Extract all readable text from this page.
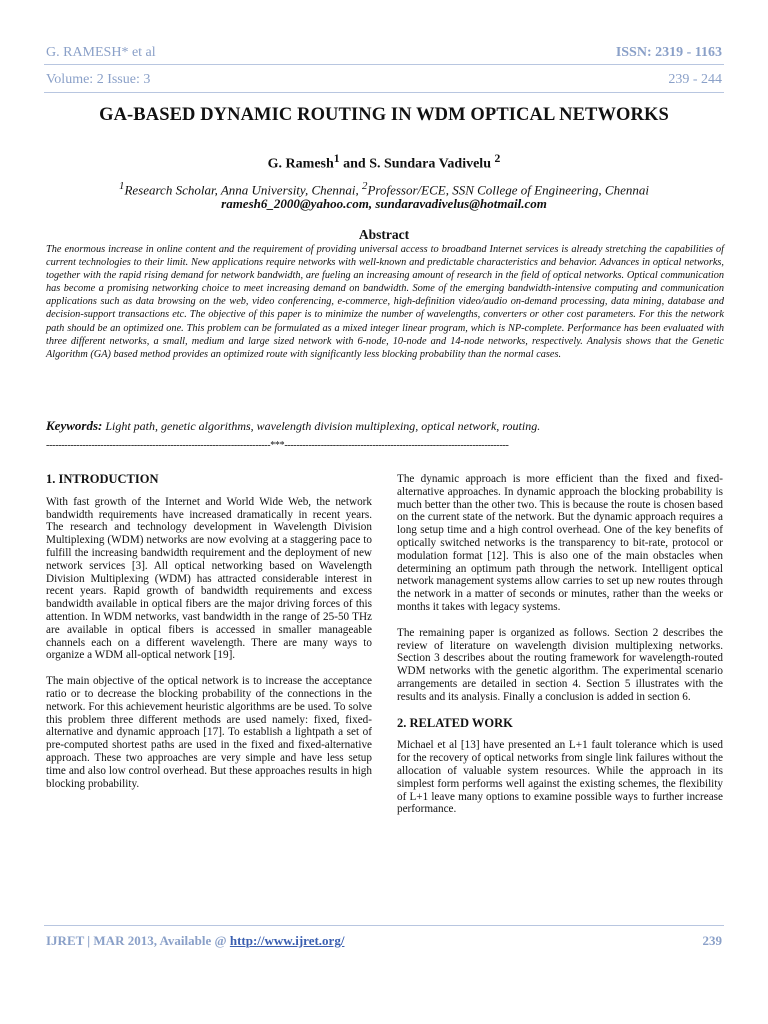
G. RAMESH* et al	ISSN: 2319 - 1163
Volume: 2 Issue: 3	239 - 244
GA-BASED DYNAMIC ROUTING IN WDM OPTICAL NETWORKS
G. Ramesh$^1$ and S. Sundara Vadivelu $^2$
$^1$Research Scholar, Anna University, Chennai, $^2$Professor/ECE, SSN College of Engineering, Chennai
ramesh6_2000@yahoo.com, sundaravadivelus@hotmail.com
Abstract
The enormous increase in online content and the requirement of providing universal access to broadband Internet services is already stretching the capabilities of current technologies to their limit. New applications require networks with well-known and predictable characteristics and behavior. Advances in optical networks, together with the rapid rising demand for network bandwidth, are fueling an increasing amount of research in the field of optical networks. Optical communication has become a promising networking choice to meet increasing demand on bandwidth. Some of the emerging bandwidth-intensive computing and communication applications such as data browsing on the web, video conferencing, e-commerce, high-definition video/audio on-demand processing, data mining, database and decision-support transactions etc. The objective of this paper is to minimize the number of wavelengths, converters or other cost parameters. For this the network path should be an optimized one. This problem can be formulated as a mixed integer linear program, which is NP-complete. Performance has been evaluated with three different networks, a small, medium and large sized network with 6-node, 10-node and 14-node networks, respectively. Analysis shows that the Genetic Algorithm (GA) based method provides an optimized route with significantly less blocking probability than the normal cases.
Keywords: Light path, genetic algorithms, wavelength division multiplexing, optical network, routing.
--------------------------------------------------------------------------***--------------------------------------------------------------------------
1. INTRODUCTION

With fast growth of the Internet and World Wide Web, the network bandwidth requirements have increased dramatically in recent years. The research and technology development in Wavelength Division Multiplexing (WDM) networks are now evolving at a staggering pace to fulfill the increasing bandwidth requirement and the deployment of new network services [3]. All optical networking based on Wavelength Division Multiplexing (WDM) has attracted considerable interest in recent years. Rapid growth of bandwidth requirements and excess bandwidth available in optical fibers are the major driving forces of this attention. In WDM networks, vast bandwidth in the range of 25-50 THz are available in optical fibers is accessed in smaller manageable channels each on a different wavelength. There are many ways to organize a WDM all-optical network [19].

The main objective of the optical network is to increase the acceptance ratio or to decrease the blocking probability of the connections in the network. For this achievement heuristic algorithms are be used. To solve this problem three different methods are used namely: fixed, fixed-alternative and dynamic approach [17]. To establish a lightpath a set of pre-computed shortest paths are used in the fixed and fixed-alternative approach. These two approaches are very simple and have less setup time and also low control overhead. But these approaches results in high blocking probability.

The dynamic approach is more efficient than the fixed and fixed-alternative approaches. In dynamic approach the blocking probability is much better than the other two. This is because the route is chosen based on the current state of the network. But the dynamic approach requires a long setup time and a high control overhead. One of the key benefits of optically switched networks is the transparency to bit-rate, protocol or modulation format [12]. This is also one of the main obstacles when determining an optimum path through the network. Intelligent optical network management systems allow carries to set up new routes through the network in a matter of seconds or minutes, rather than the weeks or months it takes with legacy systems.

The remaining paper is organized as follows. Section 2 describes the review of literature on wavelength division multiplexing networks. Section 3 describes about the routing framework for wavelength-routed WDM networks with the genetic algorithm. The experimental scenario arrangements are detailed in section 4. Section 5 illustrates with the results and its analysis. Finally a conclusion is added in section 6.

2. RELATED WORK

Michael et al [13] have presented an L+1 fault tolerance which is used for the recovery of optical networks from single link failures without the allocation of valuable system resources. While the approach in its simplest form performs well against the existing schemes, the flexibility of L+1 leave many options to examine possible ways to further increase performance.

IJRET | MAR 2013, Available @ http://www.ijret.org/	239
